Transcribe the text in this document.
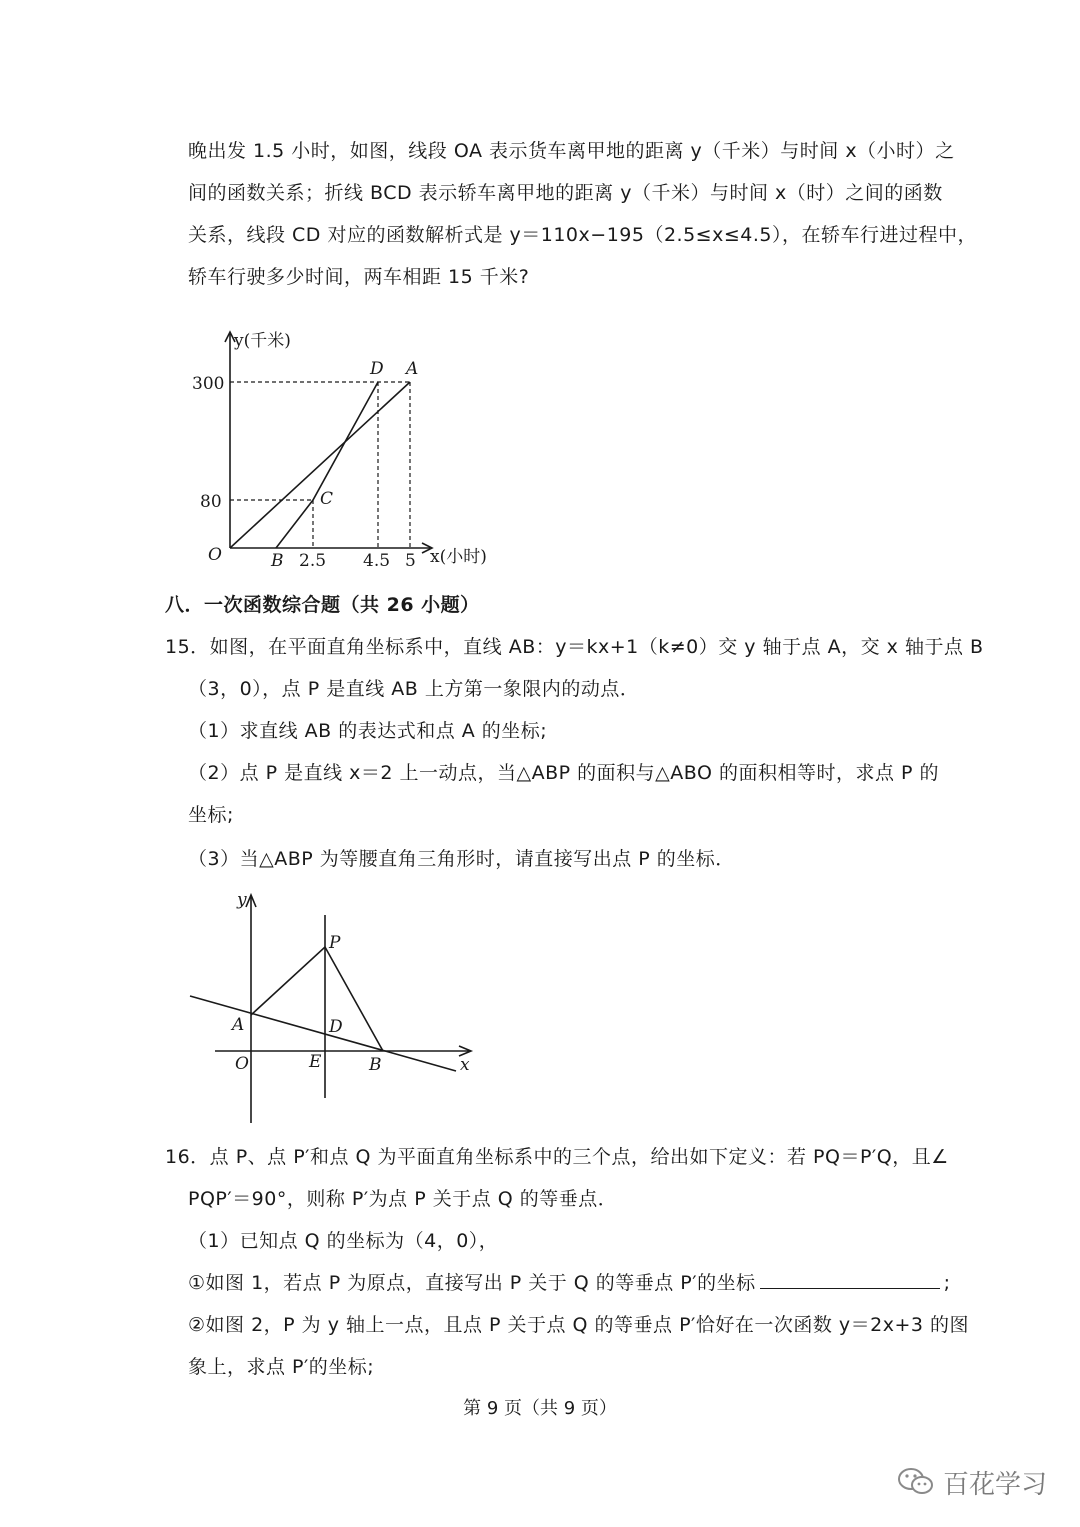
晚出发 1.5 小时，如图，线段 OA 表示货车离甲地的距离 y（千米）与时间 x（小时）之
间的函数关系；折线 BCD 表示轿车离甲地的距离 y（千米）与时间 x（时）之间的函数
关系，线段 CD 对应的函数解析式是 y＝110x−195（2.5≤x≤4.5），在轿车行进过程中，
轿车行驶多少时间，两车相距 15 千米?
y(千米)
x(小时)
300
80
2.5 4.5 5
O	B
C
D A
八．一次函数综合题（共 26 小题）
15．如图，在平面直角坐标系中，直线 AB：y＝kx+1（k≠0）交 y 轴于点 A，交 x 轴于点 B
（3，0），点 P 是直线 AB 上方第一象限内的动点．
（1）求直线 AB 的表达式和点 A 的坐标;
（2）点 P 是直线 x＝2 上一动点，当△ABP 的面积与△ABO 的面积相等时，求点 P 的
坐标;
（3）当△ABP 为等腰直角三角形时，请直接写出点 P 的坐标．
P
A	D
O	E	B
y
x
16．点 P、点 P′和点 Q 为平面直角坐标系中的三个点，给出如下定义：若 PQ＝P′Q，且∠
PQP′＝90°，则称 P′为点 P 关于点 Q 的等垂点．
（1）已知点 Q 的坐标为（4，0），
①如图 1，若点 P 为原点，直接写出 P 关于 Q 的等垂点 P′的坐标	;
②如图 2，P 为 y 轴上一点，且点 P 关于点 Q 的等垂点 P′恰好在一次函数 y＝2x+3 的图
象上，求点 P′的坐标;
第 9 页（共 9 页）
百花学习
